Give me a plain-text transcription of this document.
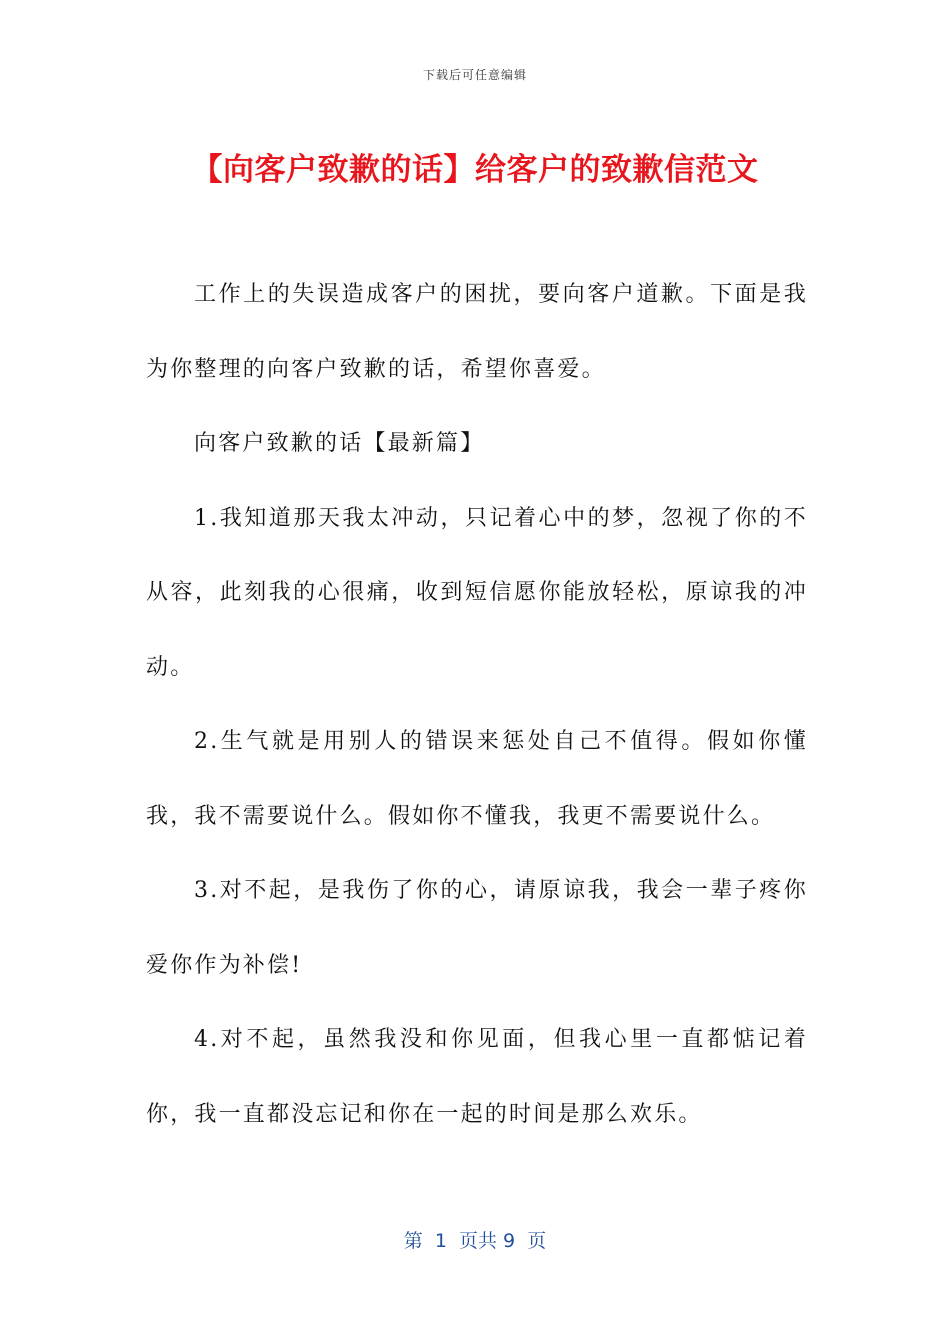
下载后可任意编辑
【向客户致歉的话】给客户的致歉信范文

工作上的失误造成客户的困扰，要向客户道歉。下面是我为你整理的向客户致歉的话，希望你喜爱。

向客户致歉的话【最新篇】

1.我知道那天我太冲动，只记着心中的梦，忽视了你的不从容，此刻我的心很痛，收到短信愿你能放轻松，原谅我的冲动。

2.生气就是用别人的错误来惩处自己不值得。假如你懂我，我不需要说什么。假如你不懂我，我更不需要说什么。

3.对不起，是我伤了你的心，请原谅我，我会一辈子疼你爱你作为补偿!

4.对不起，虽然我没和你见面，但我心里一直都惦记着你，我一直都没忘记和你在一起的时间是那么欢乐。

第  1  页共 9  页
